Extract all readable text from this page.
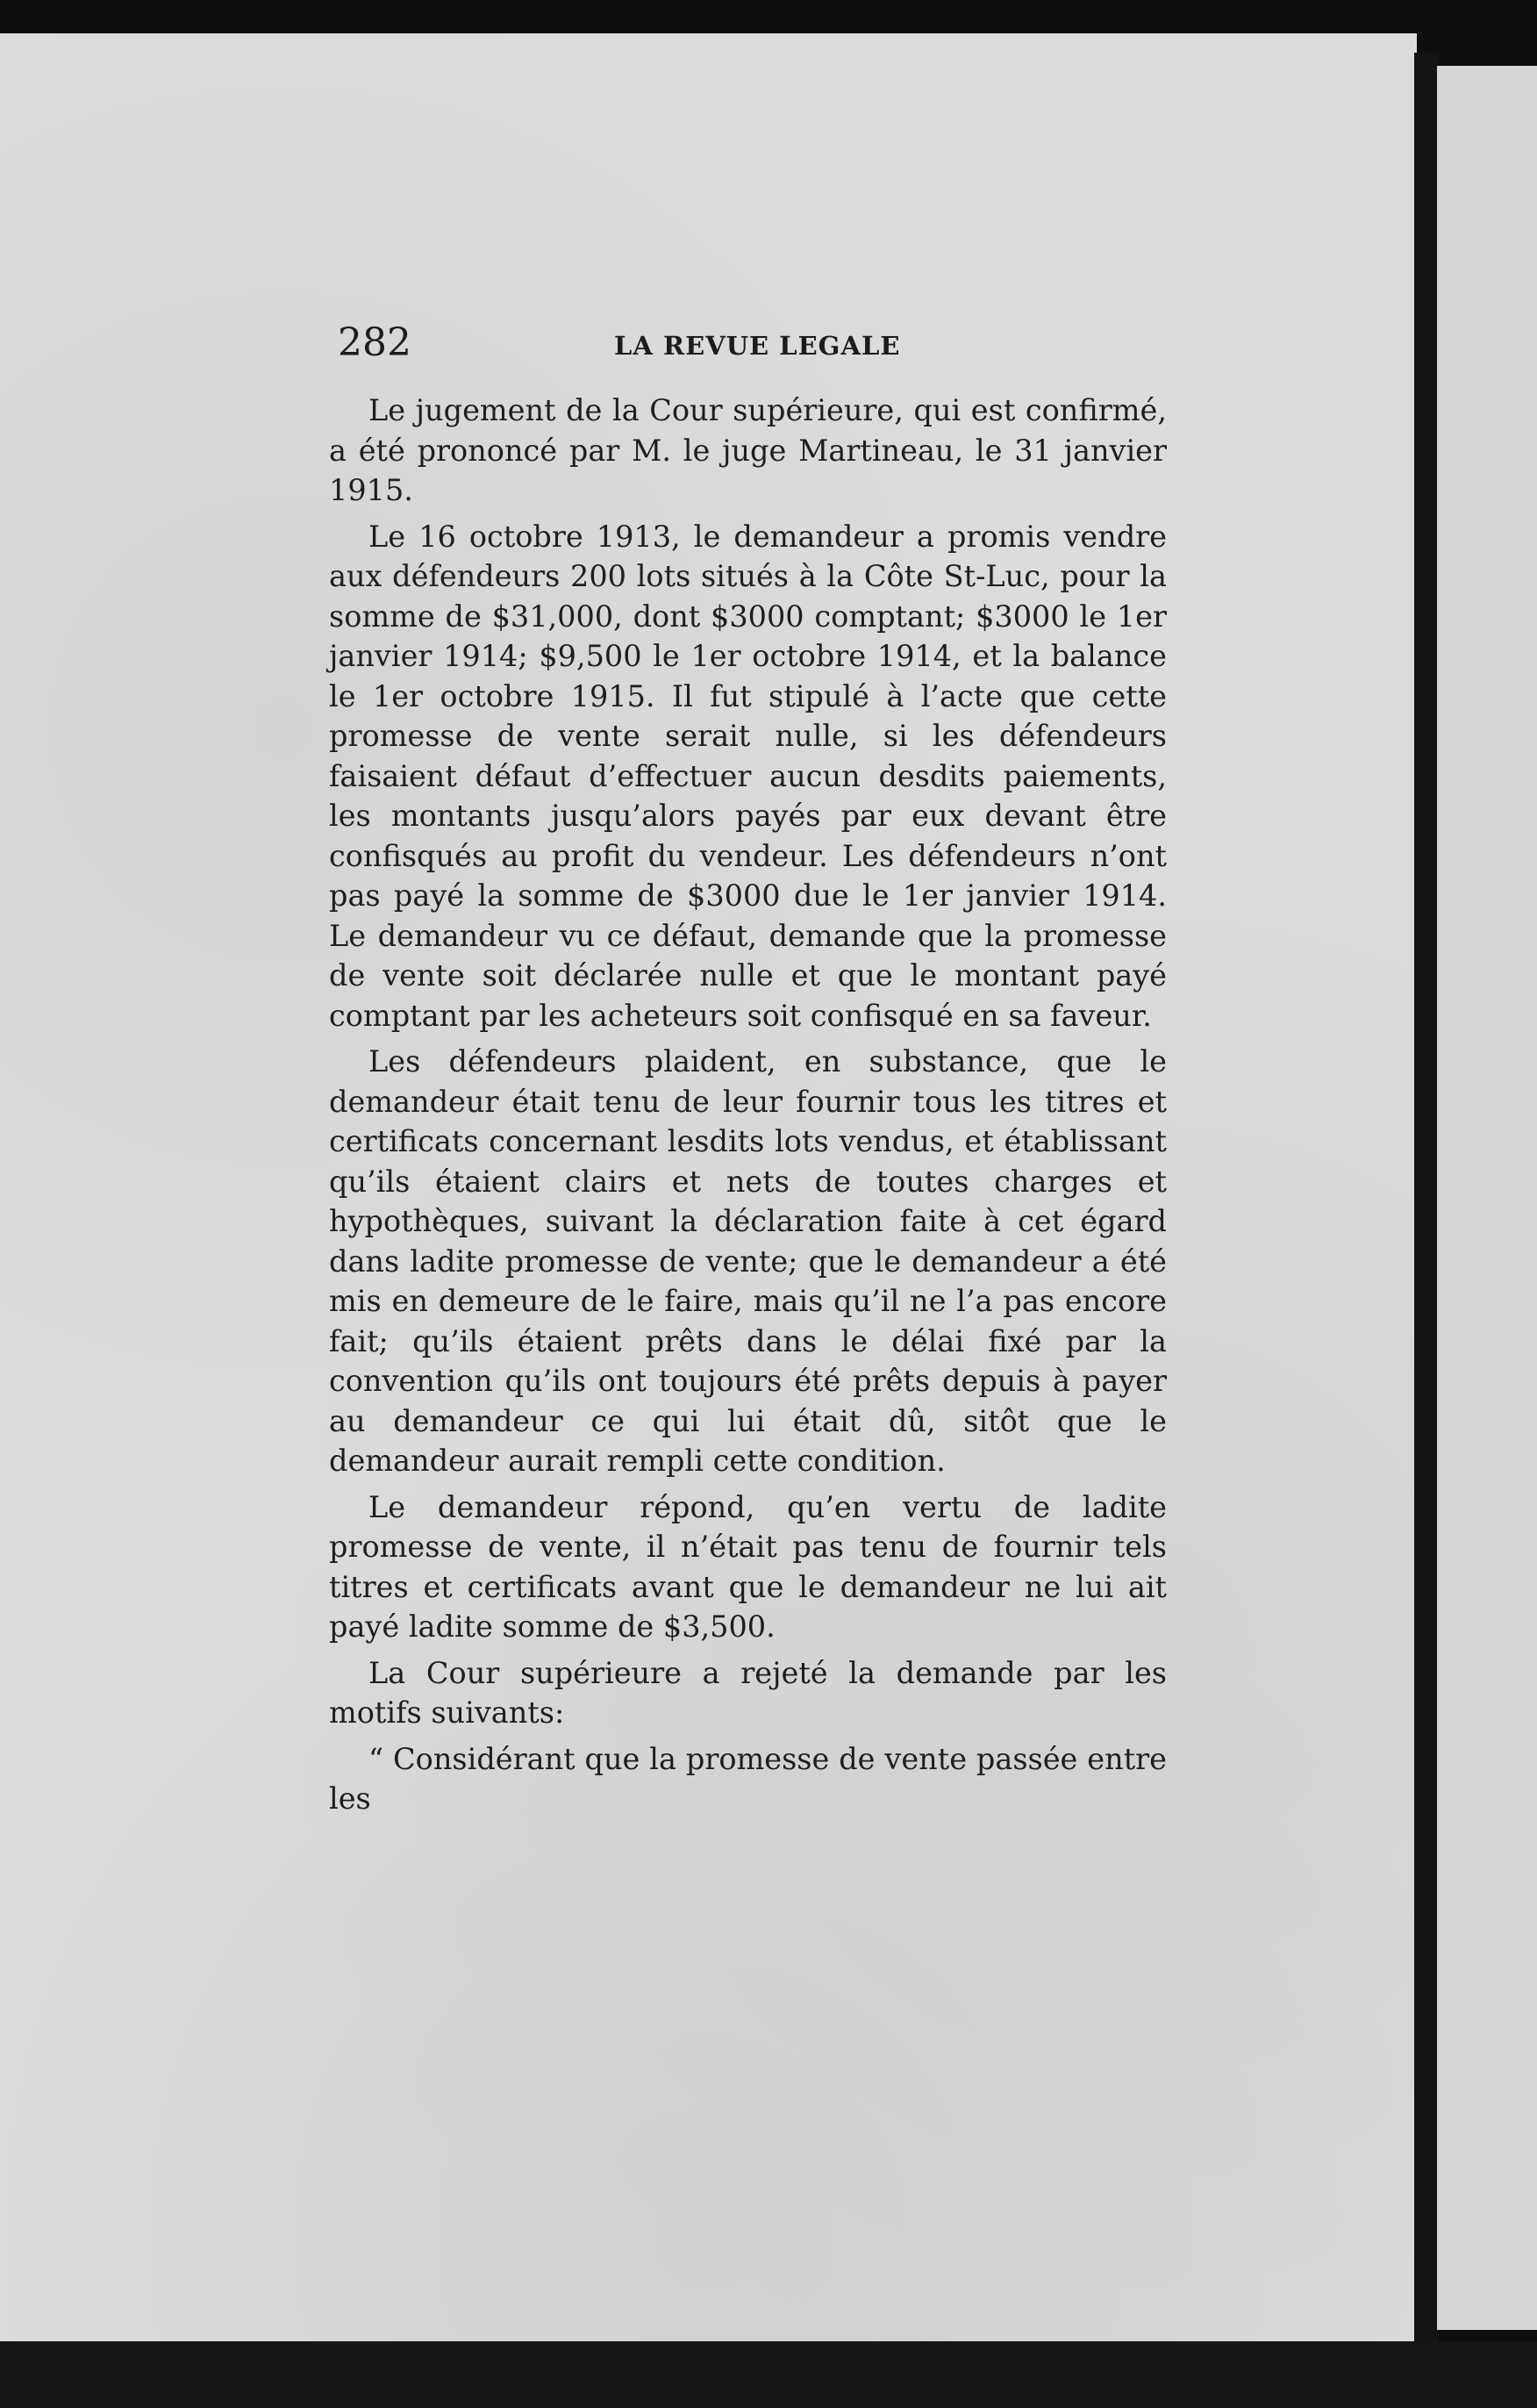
282	LA REVUE LEGALE

Le jugement de la Cour supérieure, qui est confirmé, a été prononcé par M. le juge Martineau, le 31 janvier 1915.

Le 16 octobre 1913, le demandeur a promis vendre aux défendeurs 200 lots situés à la Côte St-Luc, pour la somme de $31,000, dont $3000 comptant; $3000 le 1er janvier 1914; $9,500 le 1er octobre 1914, et la balance le 1er octobre 1915. Il fut stipulé à l’acte que cette promesse de vente serait nulle, si les défendeurs faisaient défaut d’effectuer aucun desdits paiements, les montants jusqu’alors payés par eux devant être confisqués au profit du vendeur. Les défendeurs n’ont pas payé la somme de $3000 due le 1er janvier 1914. Le demandeur vu ce défaut, demande que la promesse de vente soit déclarée nulle et que le montant payé comptant par les acheteurs soit confisqué en sa faveur.

Les défendeurs plaident, en substance, que le demandeur était tenu de leur fournir tous les titres et certificats concernant lesdits lots vendus, et établissant qu’ils étaient clairs et nets de toutes charges et hypothèques, suivant la déclaration faite à cet égard dans ladite promesse de vente; que le demandeur a été mis en demeure de le faire, mais qu’il ne l’a pas encore fait; qu’ils étaient prêts dans le délai fixé par la convention qu’ils ont toujours été prêts depuis à payer au demandeur ce qui lui était dû, sitôt que le demandeur aurait rempli cette condition.

Le demandeur répond, qu’en vertu de ladite promesse de vente, il n’était pas tenu de fournir tels titres et certificats avant que le demandeur ne lui ait payé ladite somme de $3,500.

La Cour supérieure a rejeté la demande par les motifs suivants:

“ Considérant que la promesse de vente passée entre les
